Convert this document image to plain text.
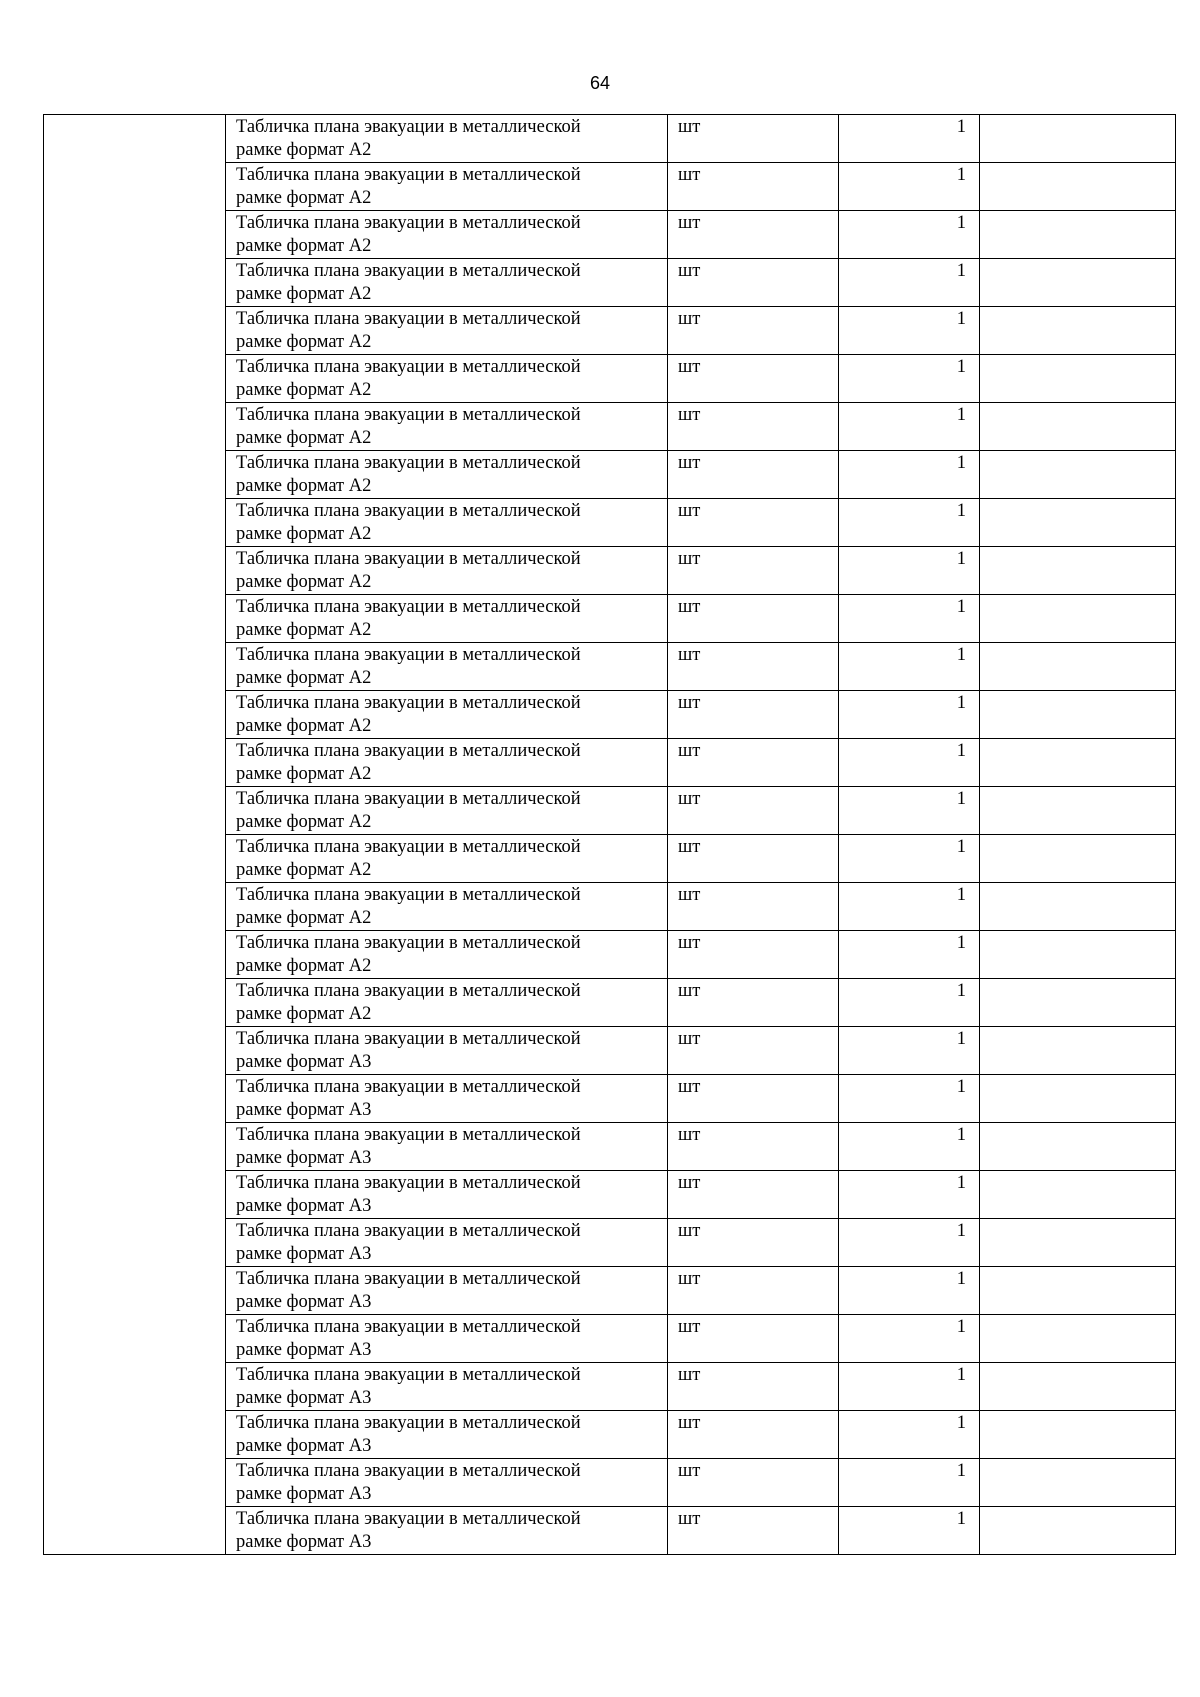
64

	Табличка плана эвакуации в металлической
рамке формат А2	шт	1	

	Табличка плана эвакуации в металлической
рамке формат А2	шт	1	

	Табличка плана эвакуации в металлической
рамке формат А2	шт	1	

	Табличка плана эвакуации в металлической
рамке формат А2	шт	1	

	Табличка плана эвакуации в металлической
рамке формат А2	шт	1	

	Табличка плана эвакуации в металлической
рамке формат А2	шт	1	

	Табличка плана эвакуации в металлической
рамке формат А2	шт	1	

	Табличка плана эвакуации в металлической
рамке формат А2	шт	1	

	Табличка плана эвакуации в металлической
рамке формат А2	шт	1	

	Табличка плана эвакуации в металлической
рамке формат А2	шт	1	

	Табличка плана эвакуации в металлической
рамке формат А2	шт	1	

	Табличка плана эвакуации в металлической
рамке формат А2	шт	1	

	Табличка плана эвакуации в металлической
рамке формат А2	шт	1	

	Табличка плана эвакуации в металлической
рамке формат А2	шт	1	

	Табличка плана эвакуации в металлической
рамке формат А2	шт	1	

	Табличка плана эвакуации в металлической
рамке формат А2	шт	1	

	Табличка плана эвакуации в металлической
рамке формат А2	шт	1	

	Табличка плана эвакуации в металлической
рамке формат А2	шт	1	

	Табличка плана эвакуации в металлической
рамке формат А2	шт	1	

	Табличка плана эвакуации в металлической
рамке формат А3	шт	1	

	Табличка плана эвакуации в металлической
рамке формат А3	шт	1	

	Табличка плана эвакуации в металлической
рамке формат А3	шт	1	

	Табличка плана эвакуации в металлической
рамке формат А3	шт	1	

	Табличка плана эвакуации в металлической
рамке формат А3	шт	1	

	Табличка плана эвакуации в металлической
рамке формат А3	шт	1	

	Табличка плана эвакуации в металлической
рамке формат А3	шт	1	

	Табличка плана эвакуации в металлической
рамке формат А3	шт	1	

	Табличка плана эвакуации в металлической
рамке формат А3	шт	1	

	Табличка плана эвакуации в металлической
рамке формат А3	шт	1	

	Табличка плана эвакуации в металлической
рамке формат А3	шт	1	
